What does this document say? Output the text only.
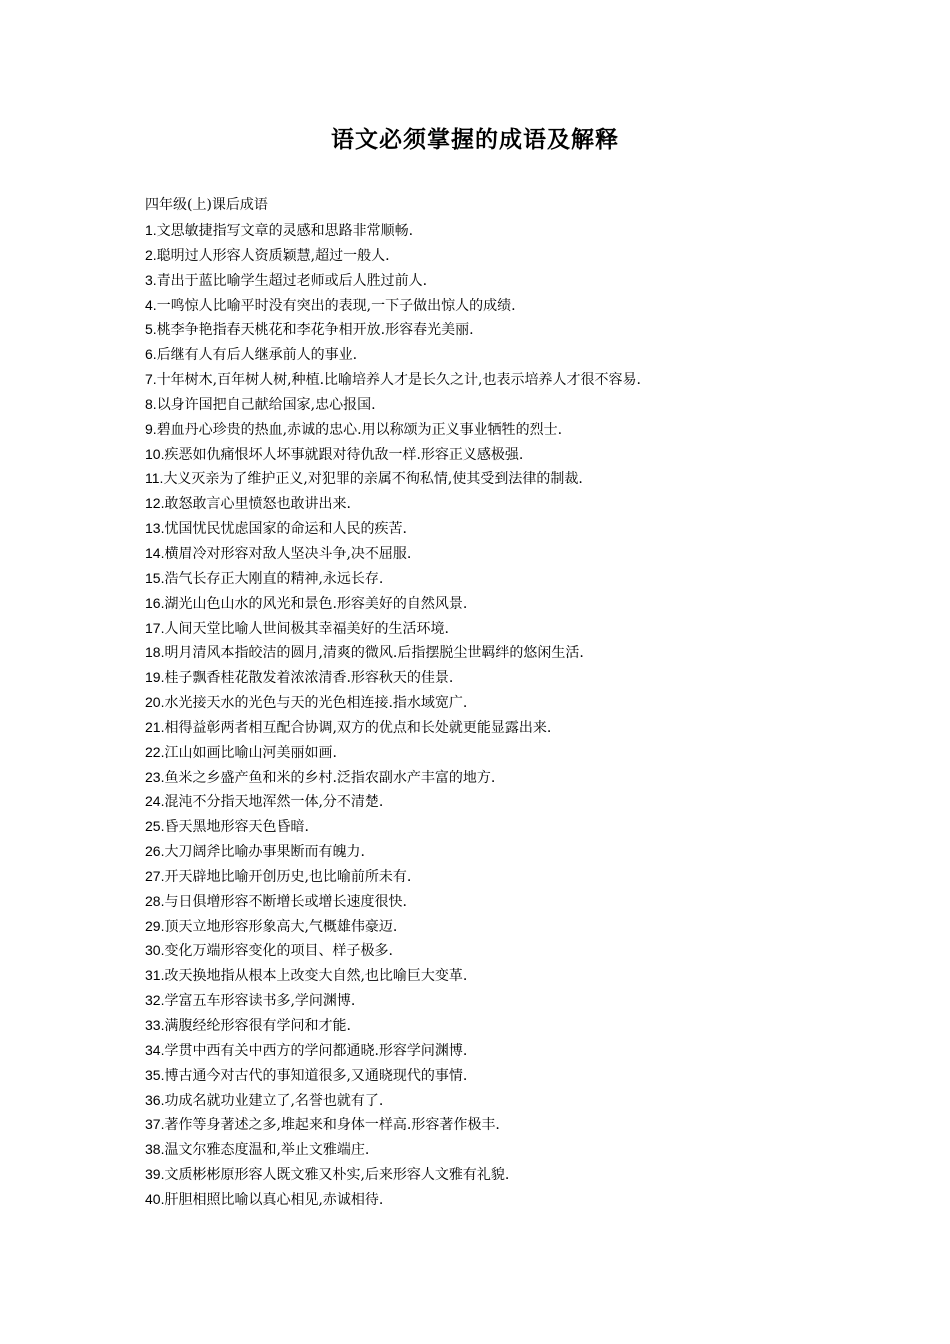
语文必须掌握的成语及解释
四年级(上)课后成语
1.文思敏捷指写文章的灵感和思路非常顺畅.
2.聪明过人形容人资质颖慧,超过一般人.
3.青出于蓝比喻学生超过老师或后人胜过前人.
4.一鸣惊人比喻平时没有突出的表现,一下子做出惊人的成绩.
5.桃李争艳指春天桃花和李花争相开放.形容春光美丽.
6.后继有人有后人继承前人的事业.
7.十年树木,百年树人树,种植.比喻培养人才是长久之计,也表示培养人才很不容易.
8.以身许国把自己献给国家,忠心报国.
9.碧血丹心珍贵的热血,赤诚的忠心.用以称颂为正义事业牺牲的烈士.
10.疾恶如仇痛恨坏人坏事就跟对待仇敌一样.形容正义感极强.
11.大义灭亲为了维护正义,对犯罪的亲属不徇私情,使其受到法律的制裁.
12.敢怒敢言心里愤怒也敢讲出来.
13.忧国忧民忧虑国家的命运和人民的疾苦.
14.横眉冷对形容对敌人坚决斗争,决不屈服.
15.浩气长存正大刚直的精神,永远长存.
16.湖光山色山水的风光和景色.形容美好的自然风景.
17.人间天堂比喻人世间极其幸福美好的生活环境.
18.明月清风本指皎洁的圆月,清爽的微风.后指摆脱尘世羁绊的悠闲生活.
19.桂子飘香桂花散发着浓浓清香.形容秋天的佳景.
20.水光接天水的光色与天的光色相连接.指水域宽广.
21.相得益彰两者相互配合协调,双方的优点和长处就更能显露出来.
22.江山如画比喻山河美丽如画.
23.鱼米之乡盛产鱼和米的乡村.泛指农副水产丰富的地方.
24.混沌不分指天地浑然一体,分不清楚.
25.昏天黑地形容天色昏暗.
26.大刀阔斧比喻办事果断而有魄力.
27.开天辟地比喻开创历史,也比喻前所未有.
28.与日俱增形容不断增长或增长速度很快.
29.顶天立地形容形象高大,气概雄伟豪迈.
30.变化万端形容变化的项目、样子极多.
31.改天换地指从根本上改变大自然,也比喻巨大变革.
32.学富五车形容读书多,学问渊博.
33.满腹经纶形容很有学问和才能.
34.学贯中西有关中西方的学问都通晓.形容学问渊博.
35.博古通今对古代的事知道很多,又通晓现代的事情.
36.功成名就功业建立了,名誉也就有了.
37.著作等身著述之多,堆起来和身体一样高.形容著作极丰.
38.温文尔雅态度温和,举止文雅端庄.
39.文质彬彬原形容人既文雅又朴实,后来形容人文雅有礼貌.
40.肝胆相照比喻以真心相见,赤诚相待.
